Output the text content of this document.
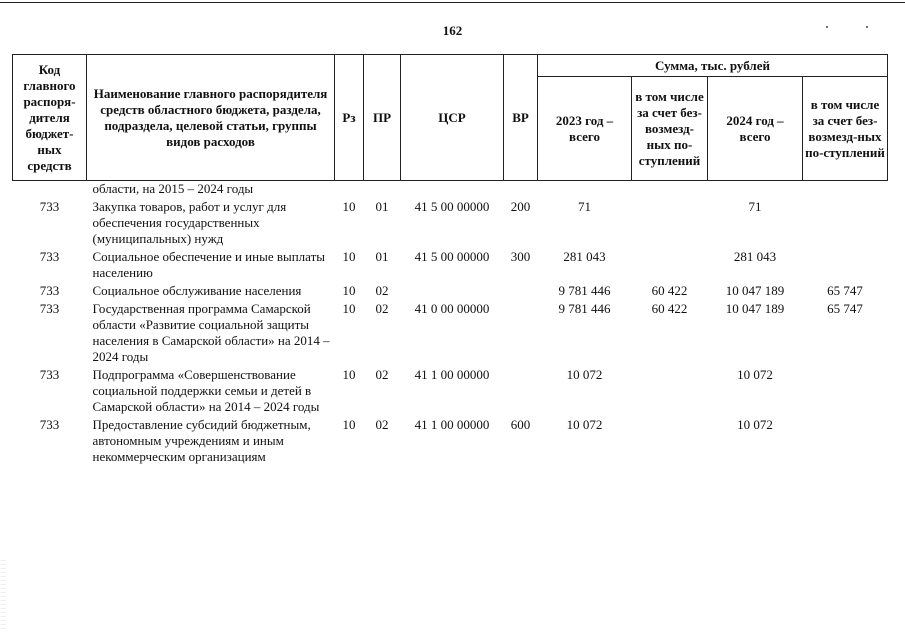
162
Код главного распоря-дителя бюджет-ных средств	Наименование главного распорядителя средств областного бюджета, раздела, подраздела, целевой статьи, группы видов расходов	Рз	ПР	ЦСР	ВР	Сумма, тыс. рублей			
						2023 год – всего	в том числе за счет без-возмезд-ных по-ступлений	2024 год – всего	в том числе за счет без-возмезд-ных по-ступлений
	области, на 2015 – 2024 годы								
733	Закупка товаров, работ и услуг для обеспечения государственных (муниципальных) нужд	10	01	41 5 00 00000	200	71		71	
733	Социальное обеспечение и иные выплаты населению	10	01	41 5 00 00000	300	281 043		281 043	
733	Социальное обслуживание населения	10	02			9 781 446	60 422	10 047 189	65 747
733	Государственная программа Самарской области «Развитие социальной защиты населения в Самарской области» на 2014 – 2024 годы	10	02	41 0 00 00000		9 781 446	60 422	10 047 189	65 747
733	Подпрограмма «Совершенствование социальной поддержки семьи и детей в Самарской области» на 2014 – 2024 годы	10	02	41 1 00 00000		10 072		10 072	
733	Предоставление субсидий бюджетным, автономным учреждениям и иным некоммерческим организациям	10	02	41 1 00 00000	600	10 072		10 072	
